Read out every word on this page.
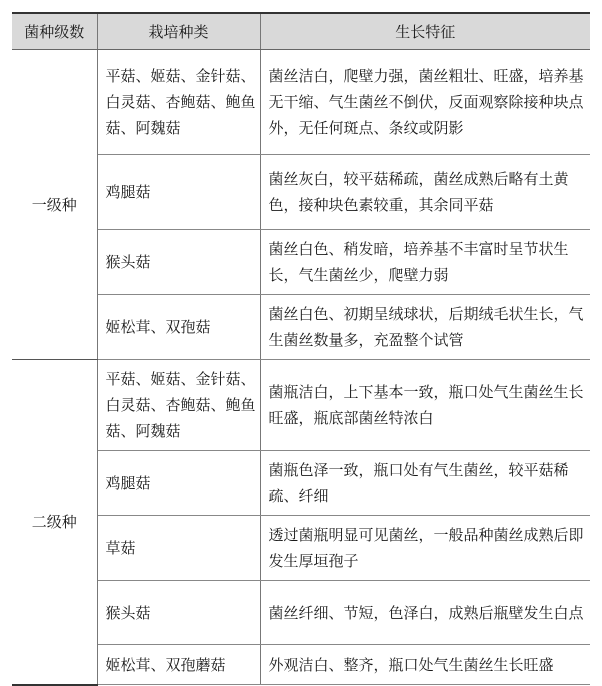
菌种级数	栽培种类	生长特征
一级种	平菇、姬菇、金针菇、白灵菇、杏鲍菇、鲍鱼菇、阿魏菇	菌丝洁白，爬壁力强，菌丝粗壮、旺盛，培养基无干缩、气生菌丝不倒伏，反面观察除接种块点外，无任何斑点、条纹或阴影
	鸡腿菇	菌丝灰白，较平菇稀疏，菌丝成熟后略有土黄色，接种块色素较重，其余同平菇
	猴头菇	菌丝白色、稍发暗，培养基不丰富时呈节状生长，气生菌丝少，爬壁力弱
	姬松茸、双孢菇	菌丝白色、初期呈绒球状，后期绒毛状生长，气生菌丝数量多，充盈整个试管
二级种	平菇、姬菇、金针菇、白灵菇、杏鲍菇、鲍鱼菇、阿魏菇	菌瓶洁白，上下基本一致，瓶口处气生菌丝生长旺盛，瓶底部菌丝特浓白
	鸡腿菇	菌瓶色泽一致，瓶口处有气生菌丝，较平菇稀疏、纤细
	草菇	透过菌瓶明显可见菌丝，一般品种菌丝成熟后即发生厚垣孢子
	猴头菇	菌丝纤细、节短，色泽白，成熟后瓶壁发生白点
	姬松茸、双孢蘑菇	外观洁白、整齐，瓶口处气生菌丝生长旺盛
